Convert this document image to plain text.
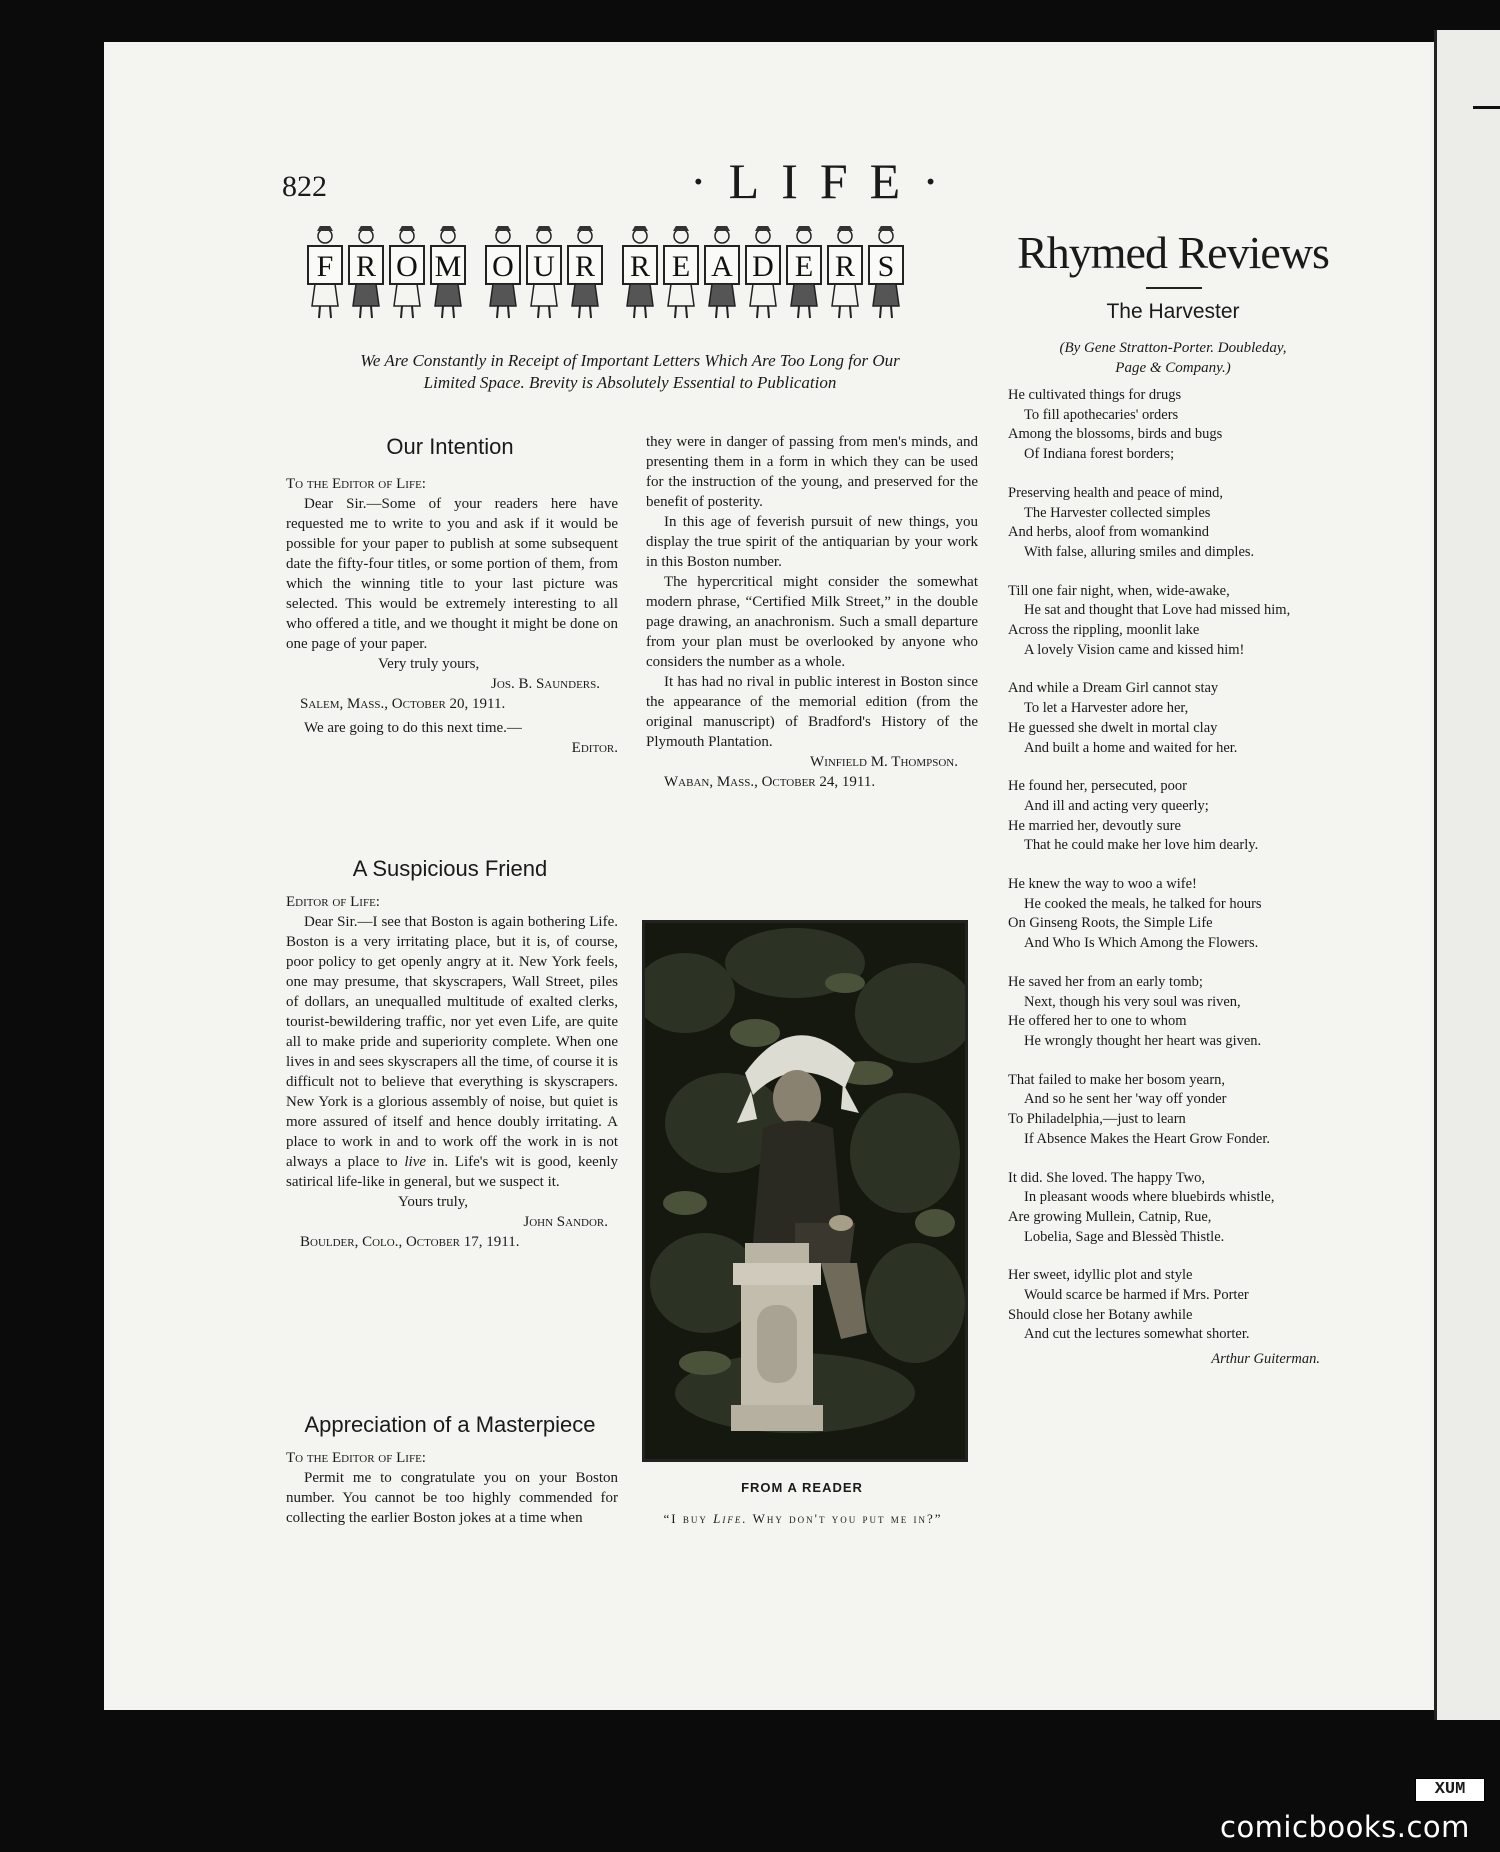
822	·LIFE·
F R O M O U R R E A D E R S
We Are Constantly in Receipt of Important Letters Which Are Too Long for Our Limited Space. Brevity is Absolutely Essential to Publication
Our Intention

To the Editor of Life:

Dear Sir.—Some of your readers here have requested me to write to you and ask if it would be possible for your paper to publish at some subsequent date the fifty-four titles, or some portion of them, from which the winning title to your last picture was selected. This would be extremely interesting to all who offered a title, and we thought it might be done on one page of your paper.

Very truly yours,

Jos. B. Saunders.

Salem, Mass., October 20, 1911.

We are going to do this next time.—

Editor.

A Suspicious Friend

Editor of Life:

Dear Sir.—I see that Boston is again bothering Life. Boston is a very irritating place, but it is, of course, poor policy to get openly angry at it. New York feels, one may presume, that skyscrapers, Wall Street, piles of dollars, an unequalled multitude of exalted clerks, tourist-bewildering traffic, nor yet even Life, are quite all to make pride and superiority complete. When one lives in and sees skyscrapers all the time, of course it is difficult not to believe that everything is skyscrapers. New York is a glorious assembly of noise, but quiet is more assured of itself and hence doubly irritating. A place to work in and to work off the work in is not always a place to live in. Life's wit is good, keenly satirical life-like in general, but we suspect it.

Yours truly,

John Sandor.

Boulder, Colo., October 17, 1911.

Appreciation of a Masterpiece

To the Editor of Life:

Permit me to congratulate you on your Boston number. You cannot be too highly commended for collecting the earlier Boston jokes at a time when

they were in danger of passing from men's minds, and presenting them in a form in which they can be used for the instruction of the young, and preserved for the benefit of posterity.

In this age of feverish pursuit of new things, you display the true spirit of the antiquarian by your work in this Boston number.

The hypercritical might consider the somewhat modern phrase, “Certified Milk Street,” in the double page drawing, an anachronism. Such a small departure from your plan must be overlooked by anyone who considers the number as a whole.

It has had no rival in public interest in Boston since the appearance of the memorial edition (from the original manuscript) of Bradford's History of the Plymouth Plantation.

Winfield M. Thompson.

Waban, Mass., October 24, 1911.

FROM A READER
“I buy Life. Why don't you put me in?”
Rhymed Reviews
The Harvester
(By Gene Stratton-Porter. Doubleday,
Page & Company.)
He cultivated things for drugs
To fill apothecaries' orders
Among the blossoms, birds and bugs
Of Indiana forest borders;
Preserving health and peace of mind,
The Harvester collected simples
And herbs, aloof from womankind
With false, alluring smiles and dimples.
Till one fair night, when, wide-awake,
He sat and thought that Love had missed him,
Across the rippling, moonlit lake
A lovely Vision came and kissed him!
And while a Dream Girl cannot stay
To let a Harvester adore her,
He guessed she dwelt in mortal clay
And built a home and waited for her.
He found her, persecuted, poor
And ill and acting very queerly;
He married her, devoutly sure
That he could make her love him dearly.
He knew the way to woo a wife!
He cooked the meals, he talked for hours
On Ginseng Roots, the Simple Life
And Who Is Which Among the Flowers.
He saved her from an early tomb;
Next, though his very soul was riven,
He offered her to one to whom
He wrongly thought her heart was given.
That failed to make her bosom yearn,
And so he sent her 'way off yonder
To Philadelphia,—just to learn
If Absence Makes the Heart Grow Fonder.
It did. She loved. The happy Two,
In pleasant woods where bluebirds whistle,
Are growing Mullein, Catnip, Rue,
Lobelia, Sage and Blessèd Thistle.
Her sweet, idyllic plot and style
Would scarce be harmed if Mrs. Porter
Should close her Botany awhile
And cut the lectures somewhat shorter.
Arthur Guiterman.
XUM
comicbooks.com
